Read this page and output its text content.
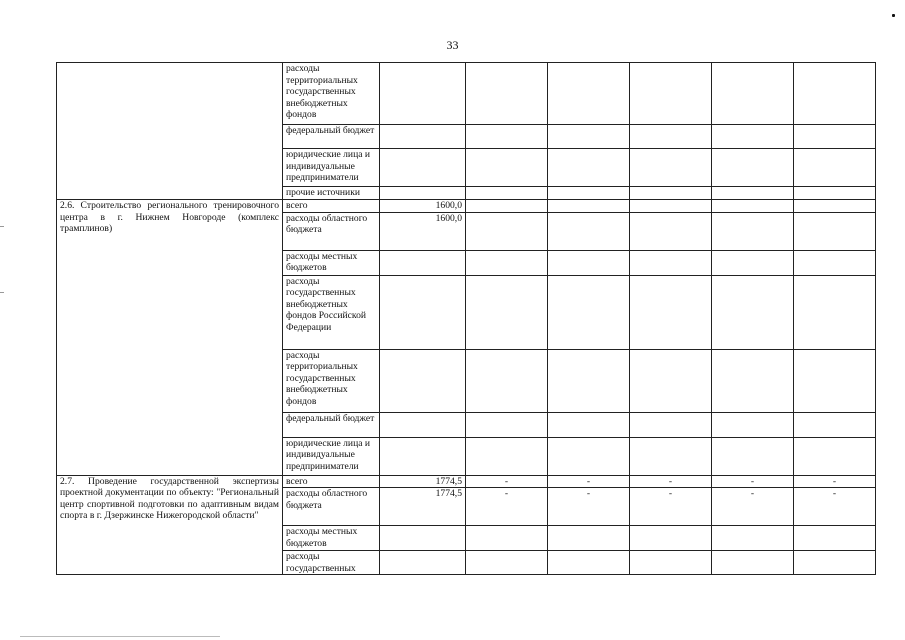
33
	расходы территориальных государственных внебюджетных фондов						
	федеральный бюджет						
	юридические лица и индивидуальные предприниматели						
	прочие источники						
2.6. Строительство регионального тренировочного центра в г. Нижнем Новгороде (комплекс трамплинов)	всего	1600,0					
	расходы областного бюджета	1600,0					
	расходы местных бюджетов						
	расходы государственных внебюджетных фондов Российской Федерации						
	расходы территориальных государственных внебюджетных фондов						
	федеральный бюджет						
	юридические лица и индивидуальные предприниматели						
2.7. Проведение государственной экспертизы проектной документации по объекту: "Региональный центр спортивной подготовки по адаптивным видам спорта в г. Дзержинске Нижегородской области"	всего	1774,5	-	-	-	-	-
	расходы областного бюджета	1774,5	-	-	-	-	-
	расходы местных бюджетов						
	расходы государственных						
